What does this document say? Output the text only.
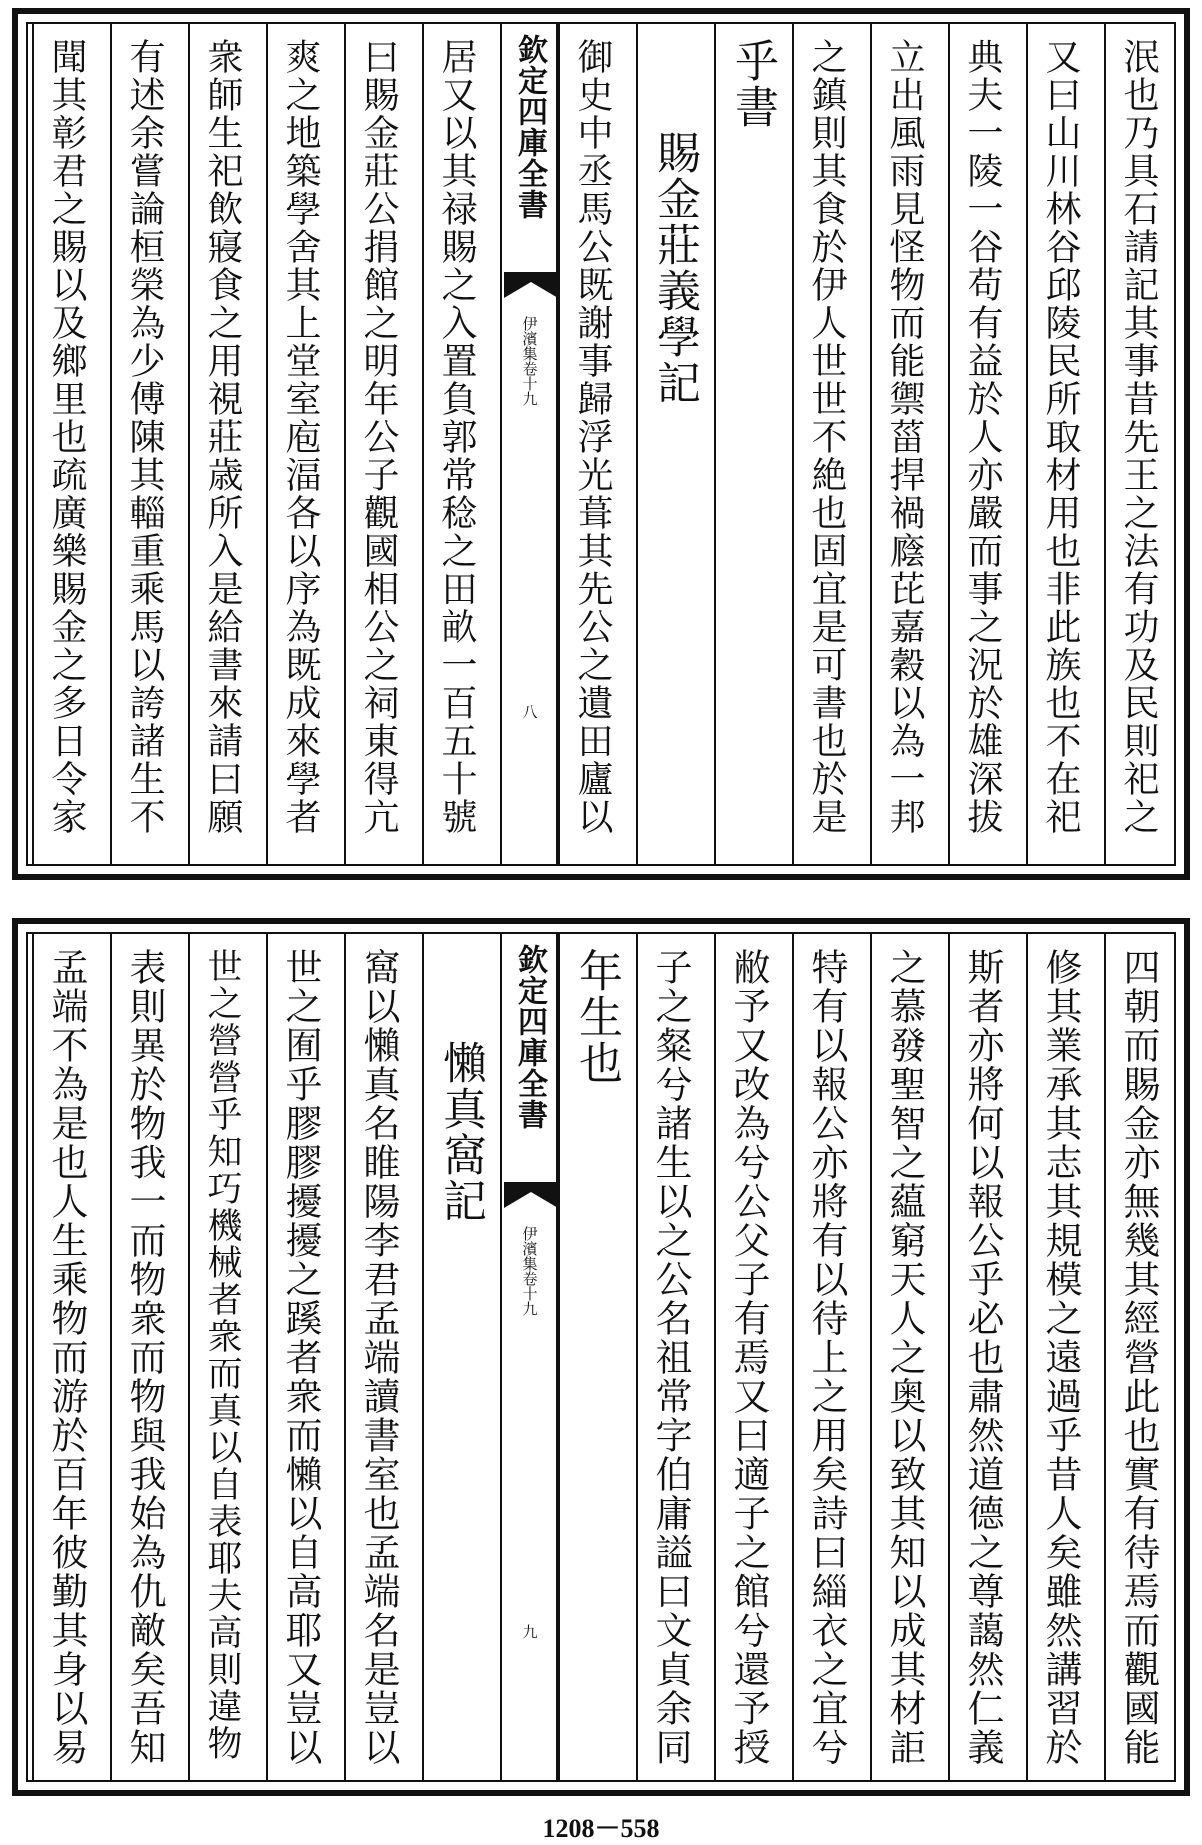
泯也乃具石請記其事昔先王之法有功及民則祀之
又曰山川林谷邱陵民所取材用也非此族也不在祀
典夫一陵一谷苟有益於人亦嚴而事之況於雄深拔
立出風雨見怪物而能禦菑捍禍廕芘嘉穀以為一邦
之鎮則其食於伊人世世不絶也固宜是可書也於是
乎書
　　賜金莊義學記
御史中丞馬公既謝事歸浮光葺其先公之遺田廬以
欽定四庫全書
伊濱集卷十九
八
居又以其禄賜之入置負郭常稔之田畝一百五十號
曰賜金莊公捐館之明年公子觀國相公之祠東得亢
爽之地築學舍其上堂室庖湢各以序為既成來學者
衆師生祀飲寢食之用視莊歳所入是給書來請曰願
有述余嘗論桓榮為少傅陳其輜重乘馬以誇諸生不
聞其彰君之賜以及鄉里也疏廣樂賜金之多日令家
四朝而賜金亦無幾其經營此也實有待焉而觀國能
修其業承其志其規模之遠過乎昔人矣雖然講習於
斯者亦將何以報公乎必也肅然道德之尊藹然仁義
之慕發聖智之藴窮天人之奥以致其知以成其材詎
特有以報公亦將有以待上之用矣詩曰緇衣之宜兮
敝予又改為兮公父子有焉又曰適子之館兮還予授
子之粲兮諸生以之公名祖常字伯庸謚曰文貞余同
年生也
欽定四庫全書
伊濱集卷十九
九
　　懶真窩記
窩以懶真名睢陽李君孟端讀書室也孟端名是豈以
世之囿乎膠膠擾擾之蹊者衆而懶以自高耶又豈以
世之營營乎知巧機械者衆而真以自表耶夫高則違物
表則異於物我一而物衆而物與我始為仇敵矣吾知
孟端不為是也人生乘物而游於百年彼勤其身以易
1208－558
